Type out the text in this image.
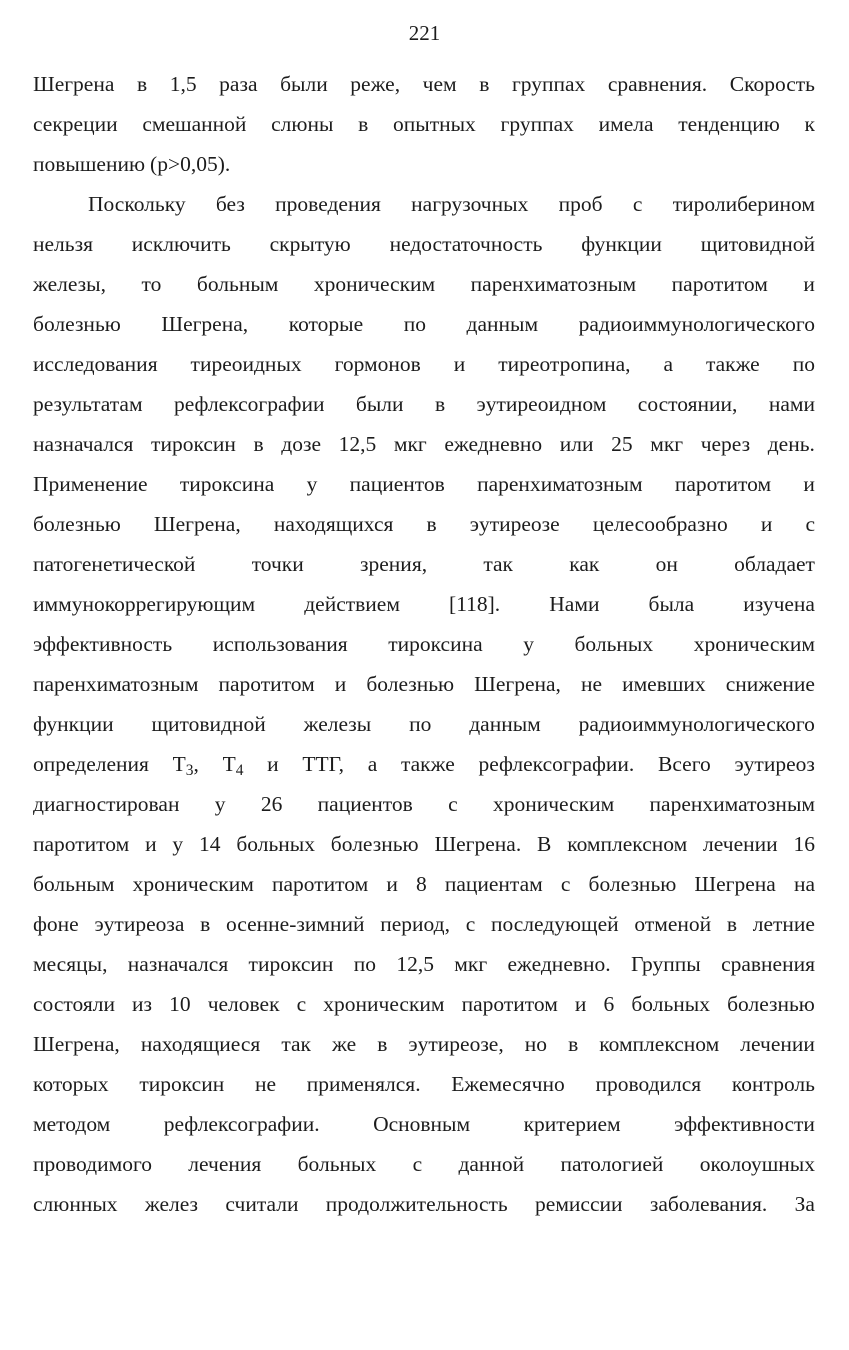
221
Шегрена в 1,5 раза были реже, чем в группах сравнения. Скорость
секреции смешанной слюны в опытных группах имела тенденцию к
повышению (p>0,05).
Поскольку без проведения нагрузочных проб с тиролиберином
нельзя исключить скрытую недостаточность функции щитовидной
железы, то больным хроническим паренхиматозным паротитом и
болезнью Шегрена, которые по данным радиоиммунологического
исследования тиреоидных гормонов и тиреотропина, а также по
результатам рефлексографии были в эутиреоидном состоянии, нами
назначался тироксин в дозе 12,5 мкг ежедневно или 25 мкг через день.
Применение тироксина у пациентов паренхиматозным паротитом и
болезнью Шегрена, находящихся в эутиреозе целесообразно и с
патогенетической	точки	зрения,	так	как	он	обладает
иммунокоррегирующим действием [118]. Нами была изучена
эффективность использования тироксина у больных хроническим
паренхиматозным паротитом и болезнью Шегрена, не имевших снижение
функции щитовидной железы по данным радиоиммунологического
определения $T_3$, $T_4$ и ТТГ, а также рефлексографии. Всего эутиреоз
диагностирован у 26 пациентов с хроническим паренхиматозным
паротитом и у 14 больных болезнью Шегрена. В комплексном лечении 16
больным хроническим паротитом и 8 пациентам с болезнью Шегрена на
фоне эутиреоза в осенне-зимний период, с последующей отменой в летние
месяцы, назначался тироксин по 12,5 мкг ежедневно. Группы сравнения
состояли из 10 человек с хроническим паротитом и 6 больных болезнью
Шегрена, находящиеся так же в эутиреозе, но в комплексном лечении
которых тироксин не применялся. Ежемесячно проводился контроль
методом рефлексографии. Основным критерием эффективности
проводимого лечения больных с данной патологией околоушных
слюнных желез считали продолжительность ремиссии заболевания. За
